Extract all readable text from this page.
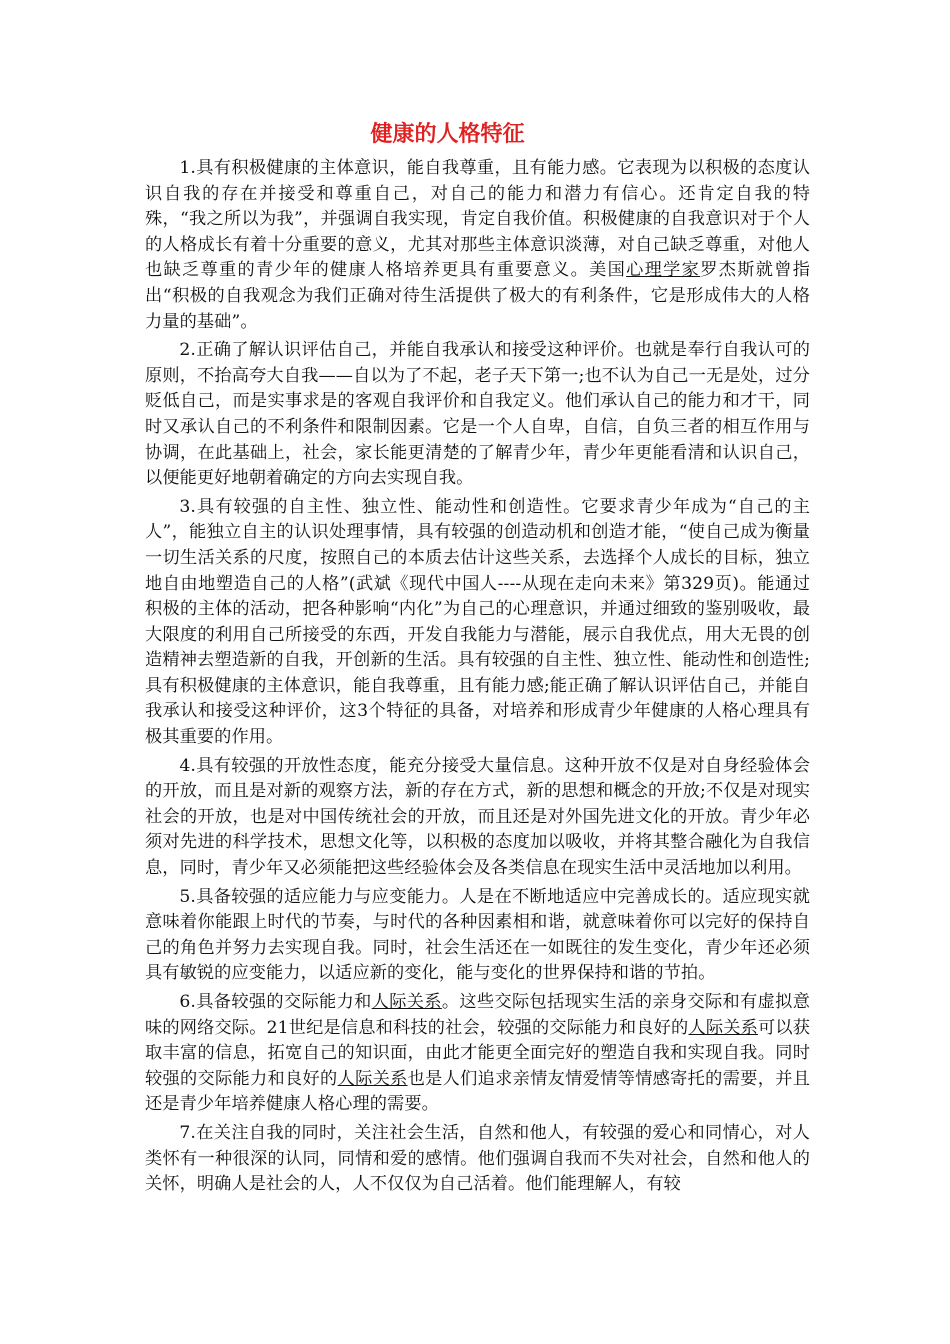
健康的人格特征

1.具有积极健康的主体意识，能自我尊重，且有能力感。它表现为以积极的态度认识自我的存在并接受和尊重自己，对自己的能力和潜力有信心。还肯定自我的特殊，“我之所以为我”，并强调自我实现，肯定自我价值。积极健康的自我意识对于个人的人格成长有着十分重要的意义，尤其对那些主体意识淡薄，对自己缺乏尊重，对他人也缺乏尊重的青少年的健康人格培养更具有重要意义。美国心理学家罗杰斯就曾指出“积极的自我观念为我们正确对待生活提供了极大的有利条件，它是形成伟大的人格力量的基础”。

2.正确了解认识评估自己，并能自我承认和接受这种评价。也就是奉行自我认可的原则，不抬高夸大自我——自以为了不起，老子天下第一;也不认为自己一无是处，过分贬低自己，而是实事求是的客观自我评价和自我定义。他们承认自己的能力和才干，同时又承认自己的不利条件和限制因素。它是一个人自卑，自信，自负三者的相互作用与协调，在此基础上，社会，家长能更清楚的了解青少年，青少年更能看清和认识自己，以便能更好地朝着确定的方向去实现自我。

3.具有较强的自主性、独立性、能动性和创造性。它要求青少年成为“自己的主人”，能独立自主的认识处理事情，具有较强的创造动机和创造才能，“使自己成为衡量一切生活关系的尺度，按照自己的本质去估计这些关系，去选择个人成长的目标，独立地自由地塑造自己的人格”(武斌《现代中国人----从现在走向未来》第329页)。能通过积极的主体的活动，把各种影响“内化”为自己的心理意识，并通过细致的鉴别吸收，最大限度的利用自己所接受的东西，开发自我能力与潜能，展示自我优点，用大无畏的创造精神去塑造新的自我，开创新的生活。具有较强的自主性、独立性、能动性和创造性;具有积极健康的主体意识，能自我尊重，且有能力感;能正确了解认识评估自己，并能自我承认和接受这种评价，这3个特征的具备，对培养和形成青少年健康的人格心理具有极其重要的作用。

4.具有较强的开放性态度，能充分接受大量信息。这种开放不仅是对自身经验体会的开放，而且是对新的观察方法，新的存在方式，新的思想和概念的开放;不仅是对现实社会的开放，也是对中国传统社会的开放，而且还是对外国先进文化的开放。青少年必须对先进的科学技术，思想文化等，以积极的态度加以吸收，并将其整合融化为自我信息，同时，青少年又必须能把这些经验体会及各类信息在现实生活中灵活地加以利用。

5.具备较强的适应能力与应变能力。人是在不断地适应中完善成长的。适应现实就意味着你能跟上时代的节奏，与时代的各种因素相和谐，就意味着你可以完好的保持自己的角色并努力去实现自我。同时，社会生活还在一如既往的发生变化，青少年还必须具有敏锐的应变能力，以适应新的变化，能与变化的世界保持和谐的节拍。

6.具备较强的交际能力和人际关系。这些交际包括现实生活的亲身交际和有虚拟意味的网络交际。21世纪是信息和科技的社会，较强的交际能力和良好的人际关系可以获取丰富的信息，拓宽自己的知识面，由此才能更全面完好的塑造自我和实现自我。同时较强的交际能力和良好的人际关系也是人们追求亲情友情爱情等情感寄托的需要，并且还是青少年培养健康人格心理的需要。

7.在关注自我的同时，关注社会生活，自然和他人，有较强的爱心和同情心，对人类怀有一种很深的认同，同情和爱的感情。他们强调自我而不失对社会，自然和他人的关怀，明确人是社会的人，人不仅仅为自己活着。他们能理解人，有较
